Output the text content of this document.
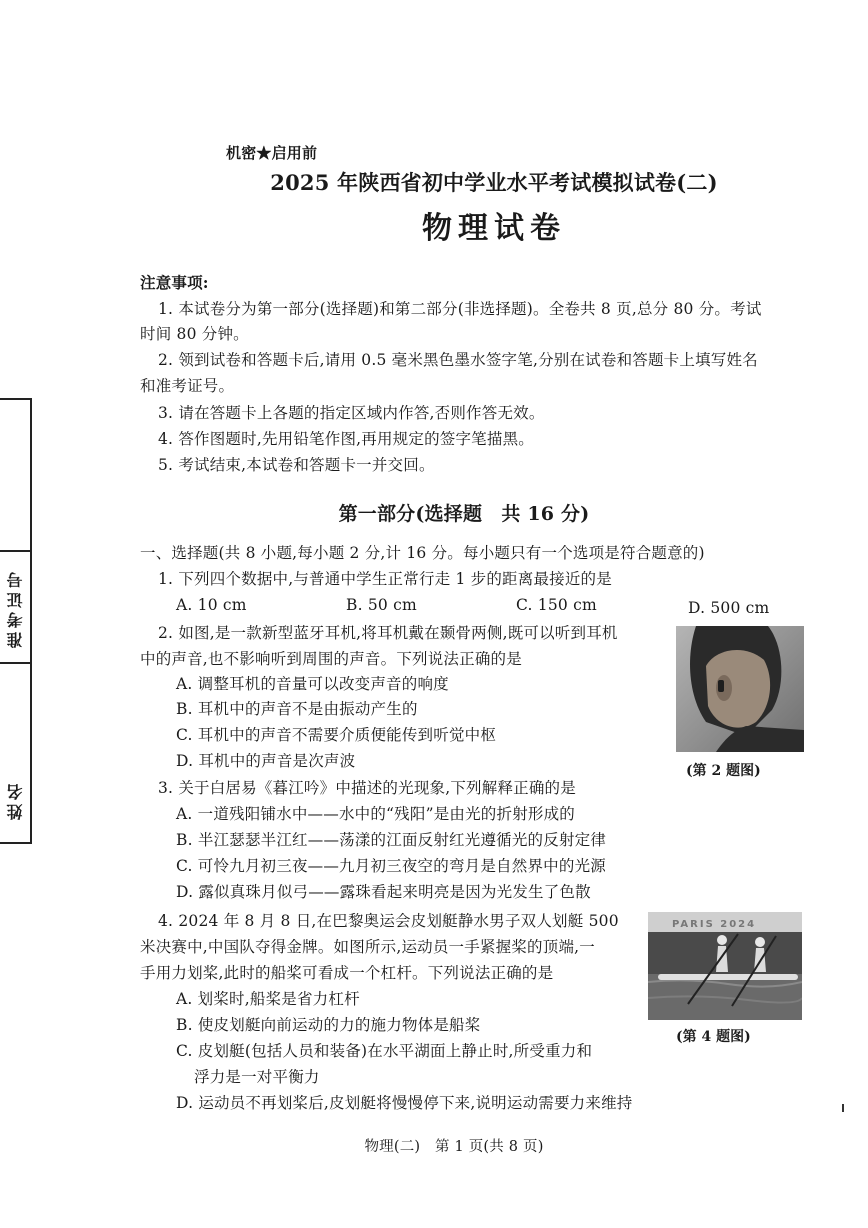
机密★启用前
2025 年陕西省初中学业水平考试模拟试卷(二)
物理试卷
注意事项:
1. 本试卷分为第一部分(选择题)和第二部分(非选择题)。全卷共 8 页,总分 80 分。考试
时间 80 分钟。
2. 领到试卷和答题卡后,请用 0.5 毫米黑色墨水签字笔,分别在试卷和答题卡上填写姓名
和准考证号。
3. 请在答题卡上各题的指定区域内作答,否则作答无效。
4. 答作图题时,先用铅笔作图,再用规定的签字笔描黑。
5. 考试结束,本试卷和答题卡一并交回。
准考证号
姓名
第一部分(选择题　共 16 分)
一、选择题(共 8 小题,每小题 2 分,计 16 分。每小题只有一个选项是符合题意的)
1. 下列四个数据中,与普通中学生正常行走 1 步的距离最接近的是
A. 10 cm	B. 50 cm	C. 150 cm	D. 500 cm
2. 如图,是一款新型蓝牙耳机,将耳机戴在颞骨两侧,既可以听到耳机
中的声音,也不影响听到周围的声音。下列说法正确的是
A. 调整耳机的音量可以改变声音的响度
B. 耳机中的声音不是由振动产生的
C. 耳机中的声音不需要介质便能传到听觉中枢
D. 耳机中的声音是次声波
(第 2 题图)
3. 关于白居易《暮江吟》中描述的光现象,下列解释正确的是
A. 一道残阳铺水中——水中的“残阳”是由光的折射形成的
B. 半江瑟瑟半江红——荡漾的江面反射红光遵循光的反射定律
C. 可怜九月初三夜——九月初三夜空的弯月是自然界中的光源
D. 露似真珠月似弓——露珠看起来明亮是因为光发生了色散
4. 2024 年 8 月 8 日,在巴黎奥运会皮划艇静水男子双人划艇 500
米决赛中,中国队夺得金牌。如图所示,运动员一手紧握桨的顶端,一
手用力划桨,此时的船桨可看成一个杠杆。下列说法正确的是
A. 划桨时,船桨是省力杠杆
B. 使皮划艇向前运动的力的施力物体是船桨
C. 皮划艇(包括人员和装备)在水平湖面上静止时,所受重力和
浮力是一对平衡力
D. 运动员不再划桨后,皮划艇将慢慢停下来,说明运动需要力来维持
PARIS 2024
(第 4 题图)
物理(二)　第 1 页(共 8 页)
